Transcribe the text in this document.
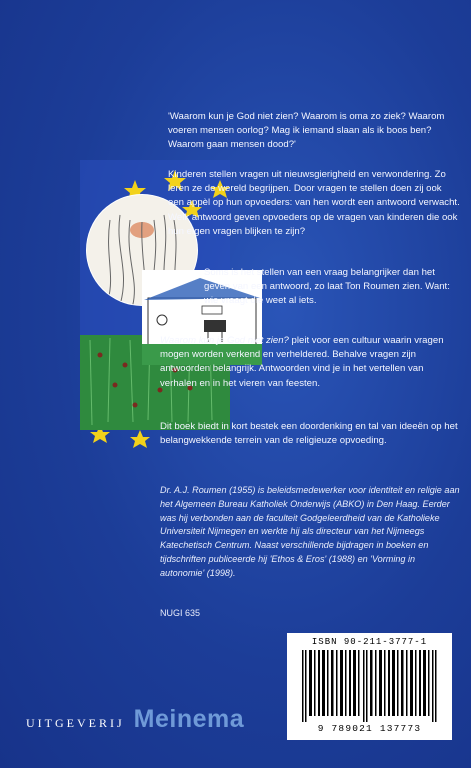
'Waarom kun je God niet zien? Waarom is oma zo ziek? Waarom voeren mensen oorlog? Mag ik iemand slaan als ik boos ben? Waarom gaan mensen dood?'

Kinderen stellen vragen uit nieuwsgierigheid en verwondering. Zo leren ze de wereld begrijpen. Door vragen te stellen doen zij ook een appèl op hun opvoeders: van hen wordt een antwoord verwacht. Welk antwoord geven opvoeders op de vragen van kinderen die ook hun eigen vragen blijken te zijn?

Soms is het stellen van een vraag belangrijker dan het geven van een antwoord, zo laat Ton Roumen zien. Want: wie vraagt die weet al iets.

Waarom kun je God niet zien? pleit voor een cultuur waarin vragen mogen worden verkend en verheldered. Behalve vragen zijn antwoorden belangrijk. Antwoorden vind je in het vertellen van verhalen en in het vieren van feesten.

Dit boek biedt in kort bestek een doordenking en tal van ideeën op het belangwekkende terrein van de religieuze opvoeding.

Dr. A.J. Roumen (1955) is beleidsmedewerker voor identiteit en religie aan het Algemeen Bureau Katholiek Onderwijs (ABKO) in Den Haag. Eerder was hij verbonden aan de faculteit Godgeleerdheid van de Katholieke Universiteit Nijmegen en werkte hij als directeur van het Nijmeegs Katechetisch Centrum. Naast verschillende bijdragen in boeken en tijdschriften publiceerde hij 'Ethos & Eros' (1988) en 'Vorming in autonomie' (1998).
NUGI 635
UITGEVERIJ Meinema
ISBN 90-211-3777-1
9 789021 137773
